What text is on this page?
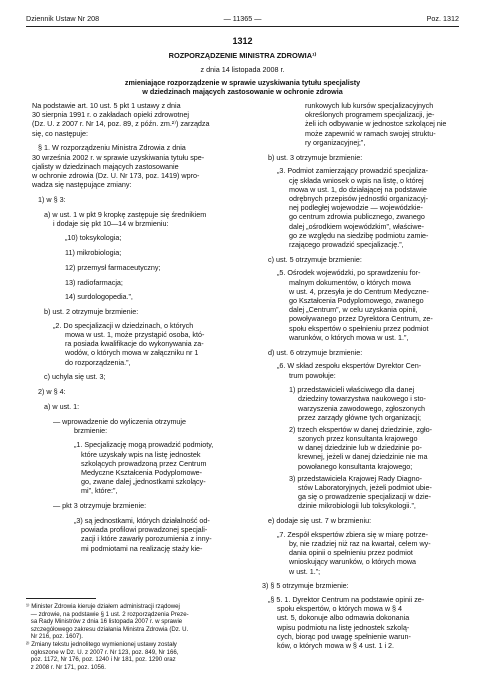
Dziennik Ustaw Nr 208	— 11365 —	Poz. 1312
1312
ROZPORZĄDZENIE MINISTRA ZDROWIA¹⁾
z dnia 14 listopada 2008 r.
zmieniające rozporządzenie w sprawie uzyskiwania tytułu specjalisty
w dziedzinach mających zastosowanie w ochronie zdrowia

Na podstawie art. 10 ust. 5 pkt 1 ustawy z dnia

30 sierpnia 1991 r. o zakładach opieki zdrowotnej

(Dz. U. z 2007 r. Nr 14, poz. 89, z późn. zm.²⁾) zarządza

się, co następuje:

§ 1. W rozporządzeniu Ministra Zdrowia z dnia

30 września 2002 r. w sprawie uzyskiwania tytułu spe-

cjalisty w dziedzinach mających zastosowanie

w ochronie zdrowia (Dz. U. Nr 173, poz. 1419) wpro-

wadza się następujące zmiany:

1) w § 3:

a) w ust. 1 w pkt 9 kropkę zastępuje się średnikiem

i dodaje się pkt 10—14 w brzmieniu:

„10) toksykologia;

11) mikrobiologia;

12) przemysł farmaceutyczny;

13) radiofarmacja;

14) surdologopedia.”,

b) ust. 2 otrzymuje brzmienie:

„2. Do specjalizacji w dziedzinach, o których

mowa w ust. 1, może przystąpić osoba, któ-

ra posiada kwalifikacje do wykonywania za-

wodów, o których mowa w załączniku nr 1

do rozporządzenia.”,

c) uchyla się ust. 3;

2) w § 4:

a) w ust. 1:

— wprowadzenie do wyliczenia otrzymuje

brzmienie:

„1. Specjalizację mogą prowadzić podmioty,

które uzyskały wpis na listę jednostek

szkolących prowadzoną przez Centrum

Medyczne Kształcenia Podyplomowe-

go, zwane dalej „jednostkami szkolący-

mi”, które:”,

— pkt 3 otrzymuje brzmienie:

„3) są jednostkami, których działalność od-

powiada profilowi prowadzonej specjali-

zacji i które zawarły porozumienia z inny-

mi podmiotami na realizację staży kie-

runkowych lub kursów specjalizacyjnych

określonych programem specjalizacji, je-

żeli ich odbywanie w jednostce szkolącej nie

może zapewnić w ramach swojej struktu-

ry organizacyjnej;”,

b) ust. 3 otrzymuje brzmienie:

„3. Podmiot zamierzający prowadzić specjaliza-

cję składa wniosek o wpis na listę, o której

mowa w ust. 1, do działającej na podstawie

odrębnych przepisów jednostki organizacyj-

nej podległej wojewodzie — wojewódzkie-

go centrum zdrowia publicznego, zwanego

dalej „ośrodkiem wojewódzkim”, właściwe-

go ze względu na siedzibę podmiotu zamie-

rzającego prowadzić specjalizację.”,

c) ust. 5 otrzymuje brzmienie:

„5. Ośrodek wojewódzki, po sprawdzeniu for-

malnym dokumentów, o których mowa

w ust. 4, przesyła je do Centrum Medyczne-

go Kształcenia Podyplomowego, zwanego

dalej „Centrum”, w celu uzyskania opinii,

powoływanego przez Dyrektora Centrum, ze-

społu ekspertów o spełnieniu przez podmiot

warunków, o których mowa w ust. 1.”,

d) ust. 6 otrzymuje brzmienie:

„6. W skład zespołu ekspertów Dyrektor Cen-

trum powołuje:

1) przedstawicieli właściwego dla danej

dziedziny towarzystwa naukowego i sto-

warzyszenia zawodowego, zgłoszonych

przez zarządy główne tych organizacji;

2) trzech ekspertów w danej dziedzinie, zgło-

szonych przez konsultanta krajowego

w danej dziedzinie lub w dziedzinie po-

krewnej, jeżeli w danej dziedzinie nie ma

powołanego konsultanta krajowego;

3) przedstawiciela Krajowej Rady Diagno-

stów Laboratoryjnych, jeżeli podmiot ubie-

ga się o prowadzenie specjalizacji w dzie-

dzinie mikrobiologii lub toksykologii.”,

e) dodaje się ust. 7 w brzmieniu:

„7. Zespół ekspertów zbiera się w miarę potrze-

by, nie rzadziej niż raz na kwartał, celem wy-

dania opinii o spełnieniu przez podmiot

wnioskujący warunków, o których mowa

w ust. 1.”;

3) § 5 otrzymuje brzmienie:

„§ 5. 1. Dyrektor Centrum na podstawie opinii ze-

społu ekspertów, o których mowa w § 4

ust. 5, dokonuje albo odmawia dokonania

wpisu podmiotu na listę jednostek szkolą-

cych, biorąc pod uwagę spełnienie warun-

ków, o których mowa w § 4 ust. 1 i 2.

¹⁾ Minister Zdrowia kieruje działem administracji rządowej

— zdrowie, na podstawie § 1 ust. 2 rozporządzenia Preze-

sa Rady Ministrów z dnia 16 listopada 2007 r. w sprawie

szczegółowego zakresu działania Ministra Zdrowia (Dz. U.

Nr 216, poz. 1607).

²⁾ Zmiany tekstu jednolitego wymienionej ustawy zostały

ogłoszone w Dz. U. z 2007 r. Nr 123, poz. 849, Nr 166,

poz. 1172, Nr 176, poz. 1240 i Nr 181, poz. 1290 oraz

z 2008 r. Nr 171, poz. 1056.
